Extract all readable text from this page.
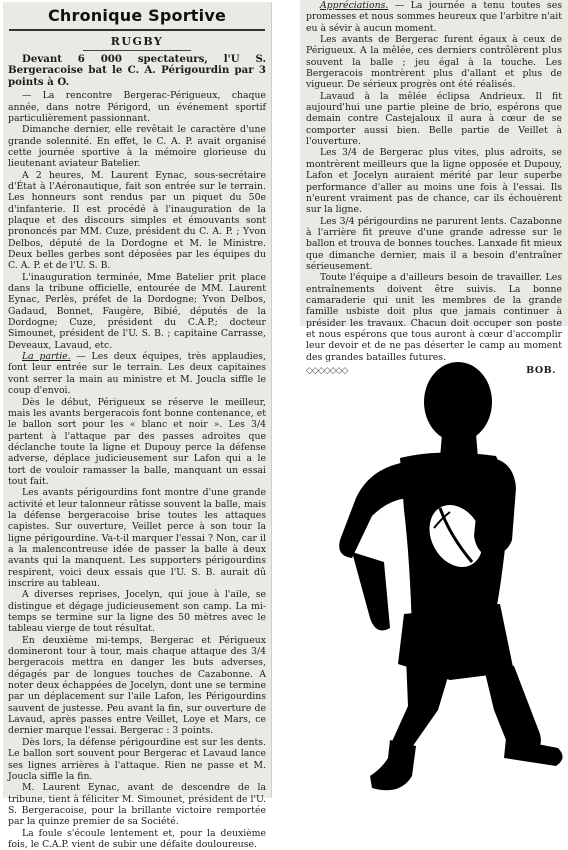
Chronique Sportive
RUGBY
Devant 6 000 spectateurs, l'U S. Bergeracoise bat le C. A. Périgourdin par 3 points à O.

— La rencontre Bergerac-Périgueux, chaque année, dans notre Périgord, un événement sportif particulièrement passionnant.

Dimanche dernier, elle revêtait le caractère d'une grande solennité. En effet, le C. A. P. avait organisé cette journée sportive à la mémoire glorieuse du lieutenant aviateur Batelier.

A 2 heures, M. Laurent Eynac, sous-secrétaire d'État à l'Aéronautique, fait son entrée sur le terrain. Les honneurs sont rendus par un piquet du 50e d'infanterie. Il est procédé à l'inauguration de la plaque et des discours simples et émouvants sont prononcés par MM. Cuze, président du C. A. P. ; Yvon Delbos, député de la Dordogne et M. le Ministre. Deux belles gerbes sont déposées par les équipes du C. A. P. et de l'U. S. B.

L'inauguration terminée, Mme Batelier prit place dans la tribune officielle, entourée de MM. Laurent Eynac, Perlès, préfet de la Dordogne; Yvon Delbos, Gadaud, Bonnet, Faugère, Bibié, députés de la Dordogne; Cuze, président du C.A.P.; docteur Simounet, président de l'U. S. B. ; capitaine Carrasse, Deveaux, Lavaud, etc.

La partie. — Les deux équipes, très applaudies, font leur entrée sur le terrain. Les deux capitaines vont serrer la main au ministre et M. Joucla siffle le coup d'envoi.

Dès le début, Périgueux se réserve le meilleur, mais les avants bergeracois font bonne contenance, et le ballon sort pour les « blanc et noir ». Les 3/4 partent à l'attaque par des passes adroites que déclanche toute la ligne et Dupouy perce la défense adverse, déplace judicieusement sur Lafon qui a le tort de vouloir ramasser la balle, manquant un essai tout fait.

Les avants périgourdins font montre d'une grande activité et leur talonneur râtisse souvent la balle, mais la défense bergeracoise brise toutes les attaques capistes. Sur ouverture, Veillet perce à son tour la ligne périgourdine. Va-t-il marquer l'essai ? Non, car il a la malencontreuse idée de passer la balle à deux avants qui la manquent. Les supporters périgourdins respirent, voici deux essais que l'U. S. B. aurait dû inscrire au tableau.

A diverses reprises, Jocelyn, qui joue à l'aile, se distingue et dégage judicieusement son camp. La mi-temps se termine sur la ligne des 50 mètres avec le tableau vierge de tout résultat.

En deuxième mi-temps, Bergerac et Périgueux domineront tour à tour, mais chaque attaque des 3/4 bergeracois mettra en danger les buts adverses, dégagés par de longues touches de Cazabonne. A noter deux échappées de Jocelyn, dont une se termine par un déplacement sur l'aile Lafon, les Périgourdins sauvent de justesse. Peu avant la fin, sur ouverture de Lavaud, après passes entre Veillet, Loye et Mars, ce dernier marque l'essai. Bergerac : 3 points.

Dès lors, la défense périgourdine est sur les dents. Le ballon sort souvent pour Bergerac et Lavaud lance ses lignes arrières à l'attaque. Rien ne passe et M. Joucla siffle la fin.

M. Laurent Eynac, avant de descendre de la tribune, tient à féliciter M. Simounet, président de l'U. S. Bergeracoise, pour la brillante victoire remportée par la quinze premier de sa Société.

La foule s'écoule lentement et, pour la deuxième fois, le C.A.P. vient de subir une défaite douloureuse.

Appréciations. — La journée a tenu toutes ses promesses et nous sommes heureux que l'arbitre n'ait eu à sévir à aucun moment.

Les avants de Bergerac furent égaux à ceux de Périgueux. A la mêlée, ces derniers contrôlèrent plus souvent la balle ; jeu égal à la touche. Les Bergeracois montrèrent plus d'allant et plus de vigueur. De sérieux progrès ont été réalisés.

Lavaud à la mêlée éclipsa Andrieux. Il fit aujourd'hui une partie pleine de brio, espérons que demain contre Castejaloux il aura à cœur de se comporter aussi bien. Belle partie de Veillet à l'ouverture.

Les 3/4 de Bergerac plus vites, plus adroits, se montrèrent meilleurs que la ligne opposée et Dupouy, Lafon et Jocelyn auraient mérité par leur superbe performance d'aller au moins une fois à l'essai. Ils n'eurent vraiment pas de chance, car ils échouèrent sur la ligne.

Les 3/4 périgourdins ne parurent lents. Cazabonne à l'arrière fit preuve d'une grande adresse sur le ballon et trouva de bonnes touches. Lanxade fit mieux que dimanche dernier, mais il a besoin d'entraîner sérieusement.

Toute l'équipe a d'ailleurs besoin de travailler. Les entraînements doivent être suivis. La bonne camaraderie qui unit les membres de la grande famille usbiste doit plus que jamais continuer à présider les travaux. Chacun doit occuper son poste et nous espérons que tous auront à cœur d'accomplir leur devoir et de ne pas déserter le camp au moment des grandes batailles futures.

◇◇◇◇◇◇◇	BOB.
